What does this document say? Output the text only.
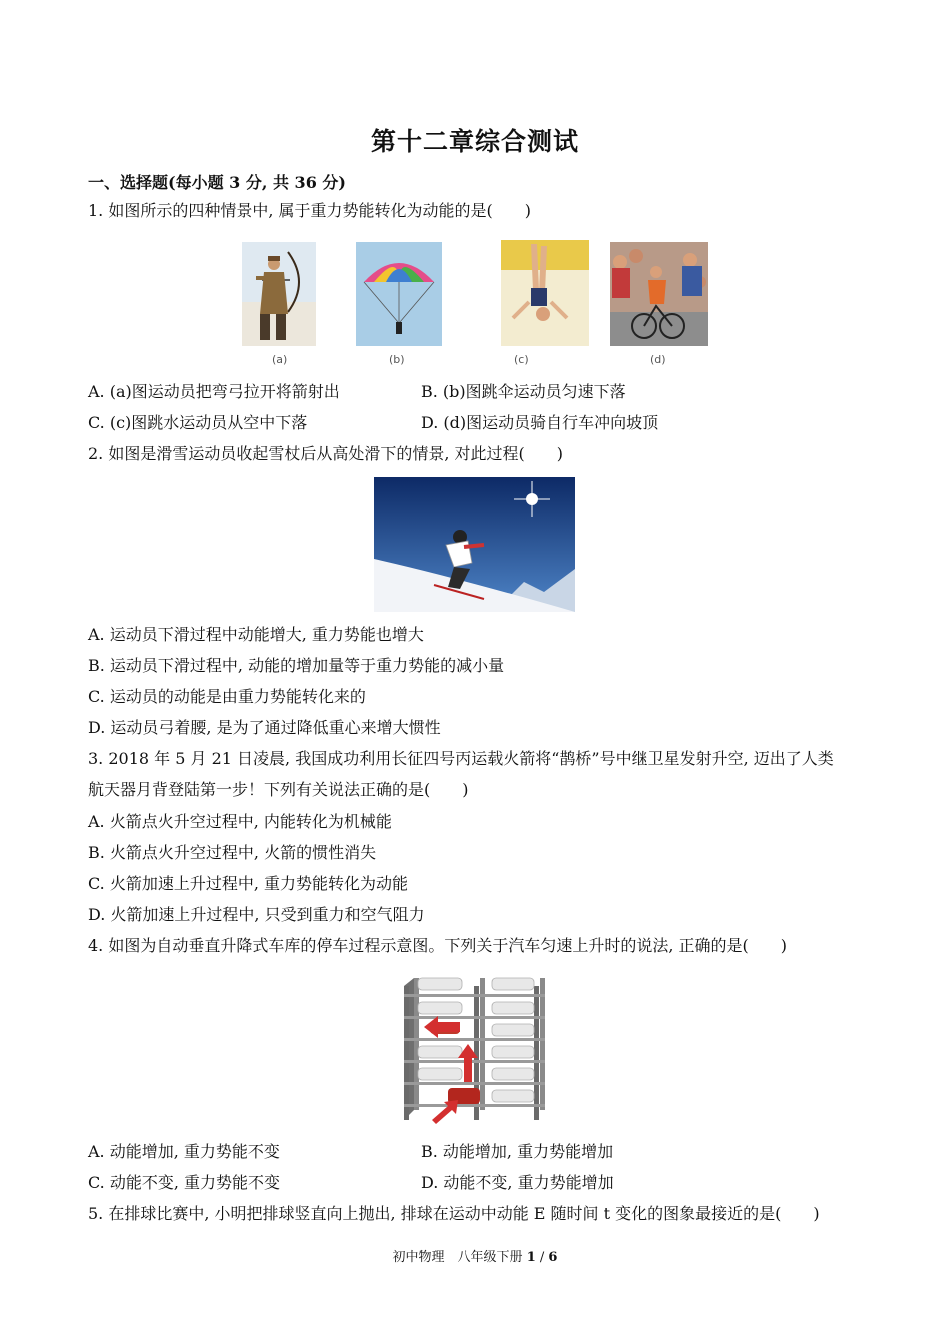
第十二章综合测试
一、选择题(每小题 3 分, 共 36 分)
1. 如图所示的四种情景中, 属于重力势能转化为动能的是(　　)
(a)	(b)	(c)	(d)
A. (a)图运动员把弯弓拉开将箭射出	B. (b)图跳伞运动员匀速下落
C. (c)图跳水运动员从空中下落	D. (d)图运动员骑自行车冲向坡顶
2. 如图是滑雪运动员收起雪杖后从高处滑下的情景, 对此过程(　　)
A. 运动员下滑过程中动能增大, 重力势能也增大
B. 运动员下滑过程中, 动能的增加量等于重力势能的减小量
C. 运动员的动能是由重力势能转化来的
D. 运动员弓着腰, 是为了通过降低重心来增大惯性
3. 2018 年 5 月 21 日凌晨, 我国成功利用长征四号丙运载火箭将“鹊桥”号中继卫星发射升空, 迈出了人类
航天器月背登陆第一步！下列有关说法正确的是(　　)
A. 火箭点火升空过程中, 内能转化为机械能
B. 火箭点火升空过程中, 火箭的惯性消失
C. 火箭加速上升过程中, 重力势能转化为动能
D. 火箭加速上升过程中, 只受到重力和空气阻力
4. 如图为自动垂直升降式车库的停车过程示意图。下列关于汽车匀速上升时的说法, 正确的是(　　)
A. 动能增加, 重力势能不变	B. 动能增加, 重力势能增加
C. 动能不变, 重力势能不变	D. 动能不变, 重力势能增加
5. 在排球比赛中, 小明把排球竖直向上抛出, 排球在运动中动能 E 随时间 t 变化的图象最接近的是(　　)
初中物理　八年级下册 1 / 6
